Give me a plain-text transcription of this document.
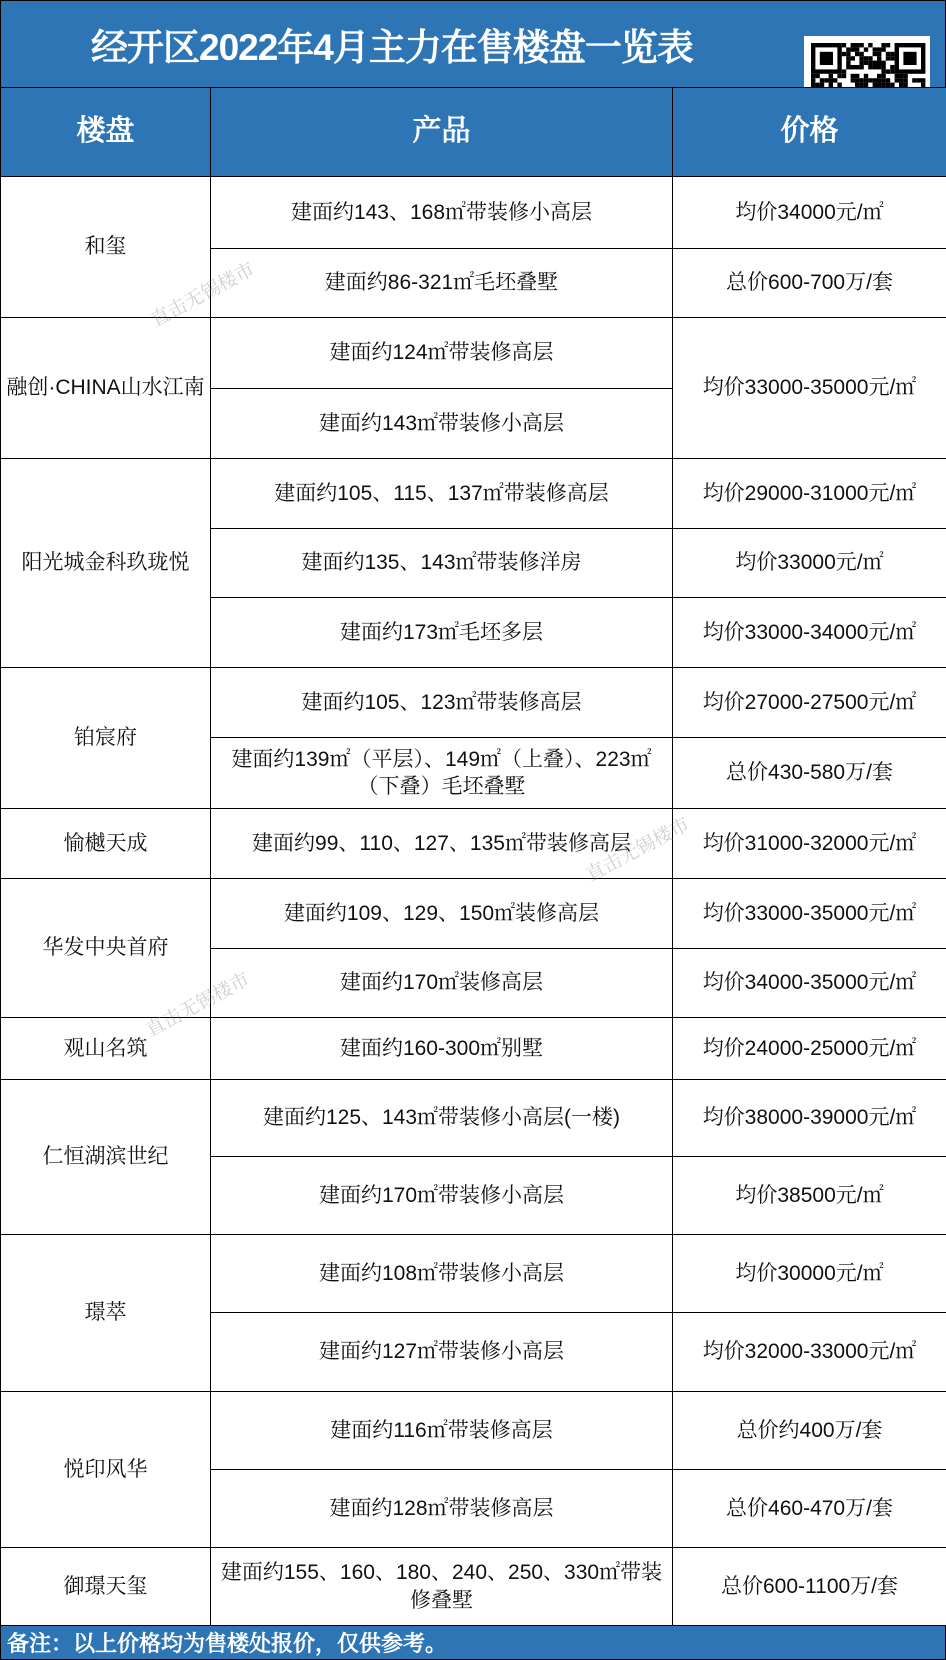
经开区2022年4月主力在售楼盘一览表
楼盘	产品	价格
和玺	建面约143、168㎡带装修小高层	均价34000元/㎡
	建面约86-321㎡毛坯叠墅	总价600-700万/套
融创·CHINA山水江南	建面约124㎡带装修高层	均价33000-35000元/㎡
	建面约143㎡带装修小高层	
阳光城金科玖珑悦	建面约105、115、137㎡带装修高层	均价29000-31000元/㎡
	建面约135、143㎡带装修洋房	均价33000元/㎡
	建面约173㎡毛坯多层	均价33000-34000元/㎡
铂宸府	建面约105、123㎡带装修高层	均价27000-27500元/㎡
	建面约139㎡（平层）、149㎡（上叠）、223㎡（下叠）毛坯叠墅	总价430-580万/套
愉樾天成	建面约99、110、127、135㎡带装修高层	均价31000-32000元/㎡
华发中央首府	建面约109、129、150㎡装修高层	均价33000-35000元/㎡
	建面约170㎡装修高层	均价34000-35000元/㎡
观山名筑	建面约160-300㎡别墅	均价24000-25000元/㎡
仁恒湖滨世纪	建面约125、143㎡带装修小高层(一楼)	均价38000-39000元/㎡
	建面约170㎡带装修小高层	均价38500元/㎡
璟萃	建面约108㎡带装修小高层	均价30000元/㎡
	建面约127㎡带装修小高层	均价32000-33000元/㎡
悦印风华	建面约116㎡带装修高层	总价约400万/套
	建面约128㎡带装修高层	总价460-470万/套
御璟天玺	建面约155、160、180、240、250、330㎡带装修叠墅	总价600-1100万/套
直击无锡楼市
直击无锡楼市
直击无锡楼市
备注：以上价格均为售楼处报价，仅供参考。
